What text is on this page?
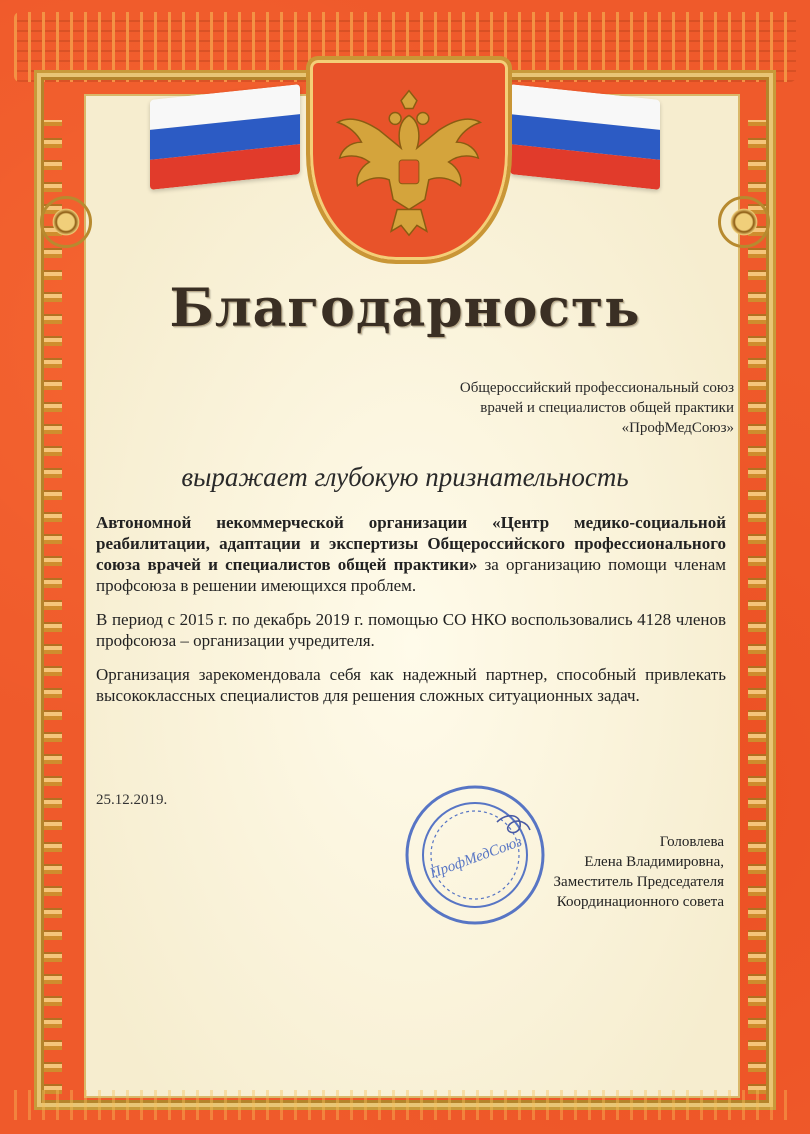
Благодарность
Общероссийский профессиональный союз
врачей и специалистов общей практики
«ПрофМедСоюз»
выражает глубокую признательность

Автономной некоммерческой организации «Центр медико-социальной реабилитации, адаптации и экспертизы Общероссийского профессионального союза врачей и специалистов общей практики» за организацию помощи членам профсоюза в решении имеющихся проблем.

В период с 2015 г. по декабрь 2019 г. помощью СО НКО воспользовались 4128 членов профсоюза – организации учредителя.

Организация зарекомендовала себя как надежный партнер, способный привлекать высококлассных специалистов для решения сложных ситуационных задач.

25.12.2019.
Головлева
Елена Владимировна,
Заместитель Председателя
Координационного совета
ПрофМедСоюз
